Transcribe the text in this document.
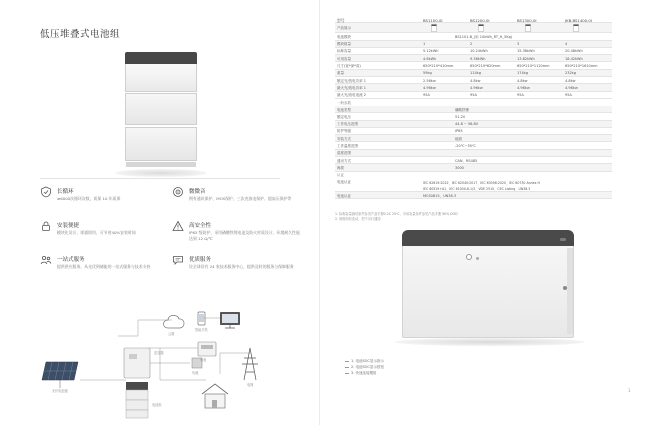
低压堆叠式电池组
长循环
≥6000次循环次数，质保 10 年质保
微微音
拥有通讯保护、MOS保护、三次充放电保护、超高压保护等
安装便捷
模块化设计，即插即用，可节省40%安装时间
高安全性
IP65 级防护，采用磷酸铁锂电池及防火材质设计，环境耐久性能达到 12 Ω/℃
一站式服务
提供供应服务，从光伏到储能的一站式服务与技术支持
优质服务
设全球设有 24 家技术服务中心，提供及时的服务与保障服务
光伏电池板
逆变器
电池组
负载
电网
智能手机
云端
电表
型号	BS1100-0I	BS1200-0I	BS1300-0I	JKB-BS1400-0I
产品展示
电池模块	BS1101-B_(用 10kWh_RT_H_5Kg)
模块数量	1	2	3	4
标称容量	5.12kWh	10.24kWh	15.36kWh	20.48kWh
可用容量	4.6kWh	9.36kWh	13.82kWh	18.42kWh
尺寸(宽*深*高)	650*210*410mm	650*210*620mm	650*210*1120mm	650*210*1610mm
重量	59kg	114kg	174kg	232kg
额定充/放电功率 1	2.56kw	4.8kw	4.8kw	4.8kw
最大充/放电功率 1	4.96kw	4.96kw	4.96kw	4.96kw
最大充/放电电流 2	95A	95A	95A	95A
一般参数
电池类型	磷酸铁锂
额定电压	51.2V
工作电压范围	44.8 ~ 56.8V
防护等级	IP65
安装方式	地面
工作温度范围	-20℃~55℃
湿度范围
通讯方式	CAN、RS485
海拔	3000
认证
电池认证	IEC 62619:2022、IEC 62040:2017、IEC 63056:2020、IEC 60730 Annex H
IEC 60529+A1、IEC 61000-6-1/3、VDE 2510、CEC Listing、UN38.3
电池认证	MCS0815、UN38.3
1. 标称容量测试条件参见产品手册0.2C 25℃，可用容量条件参见产品手册 90% DOD
2. 规格如有变动，恕不另行通知
1. 电池SOC显示指示
2. 电池SOC显示按钮
3. 快速连接模组
1
